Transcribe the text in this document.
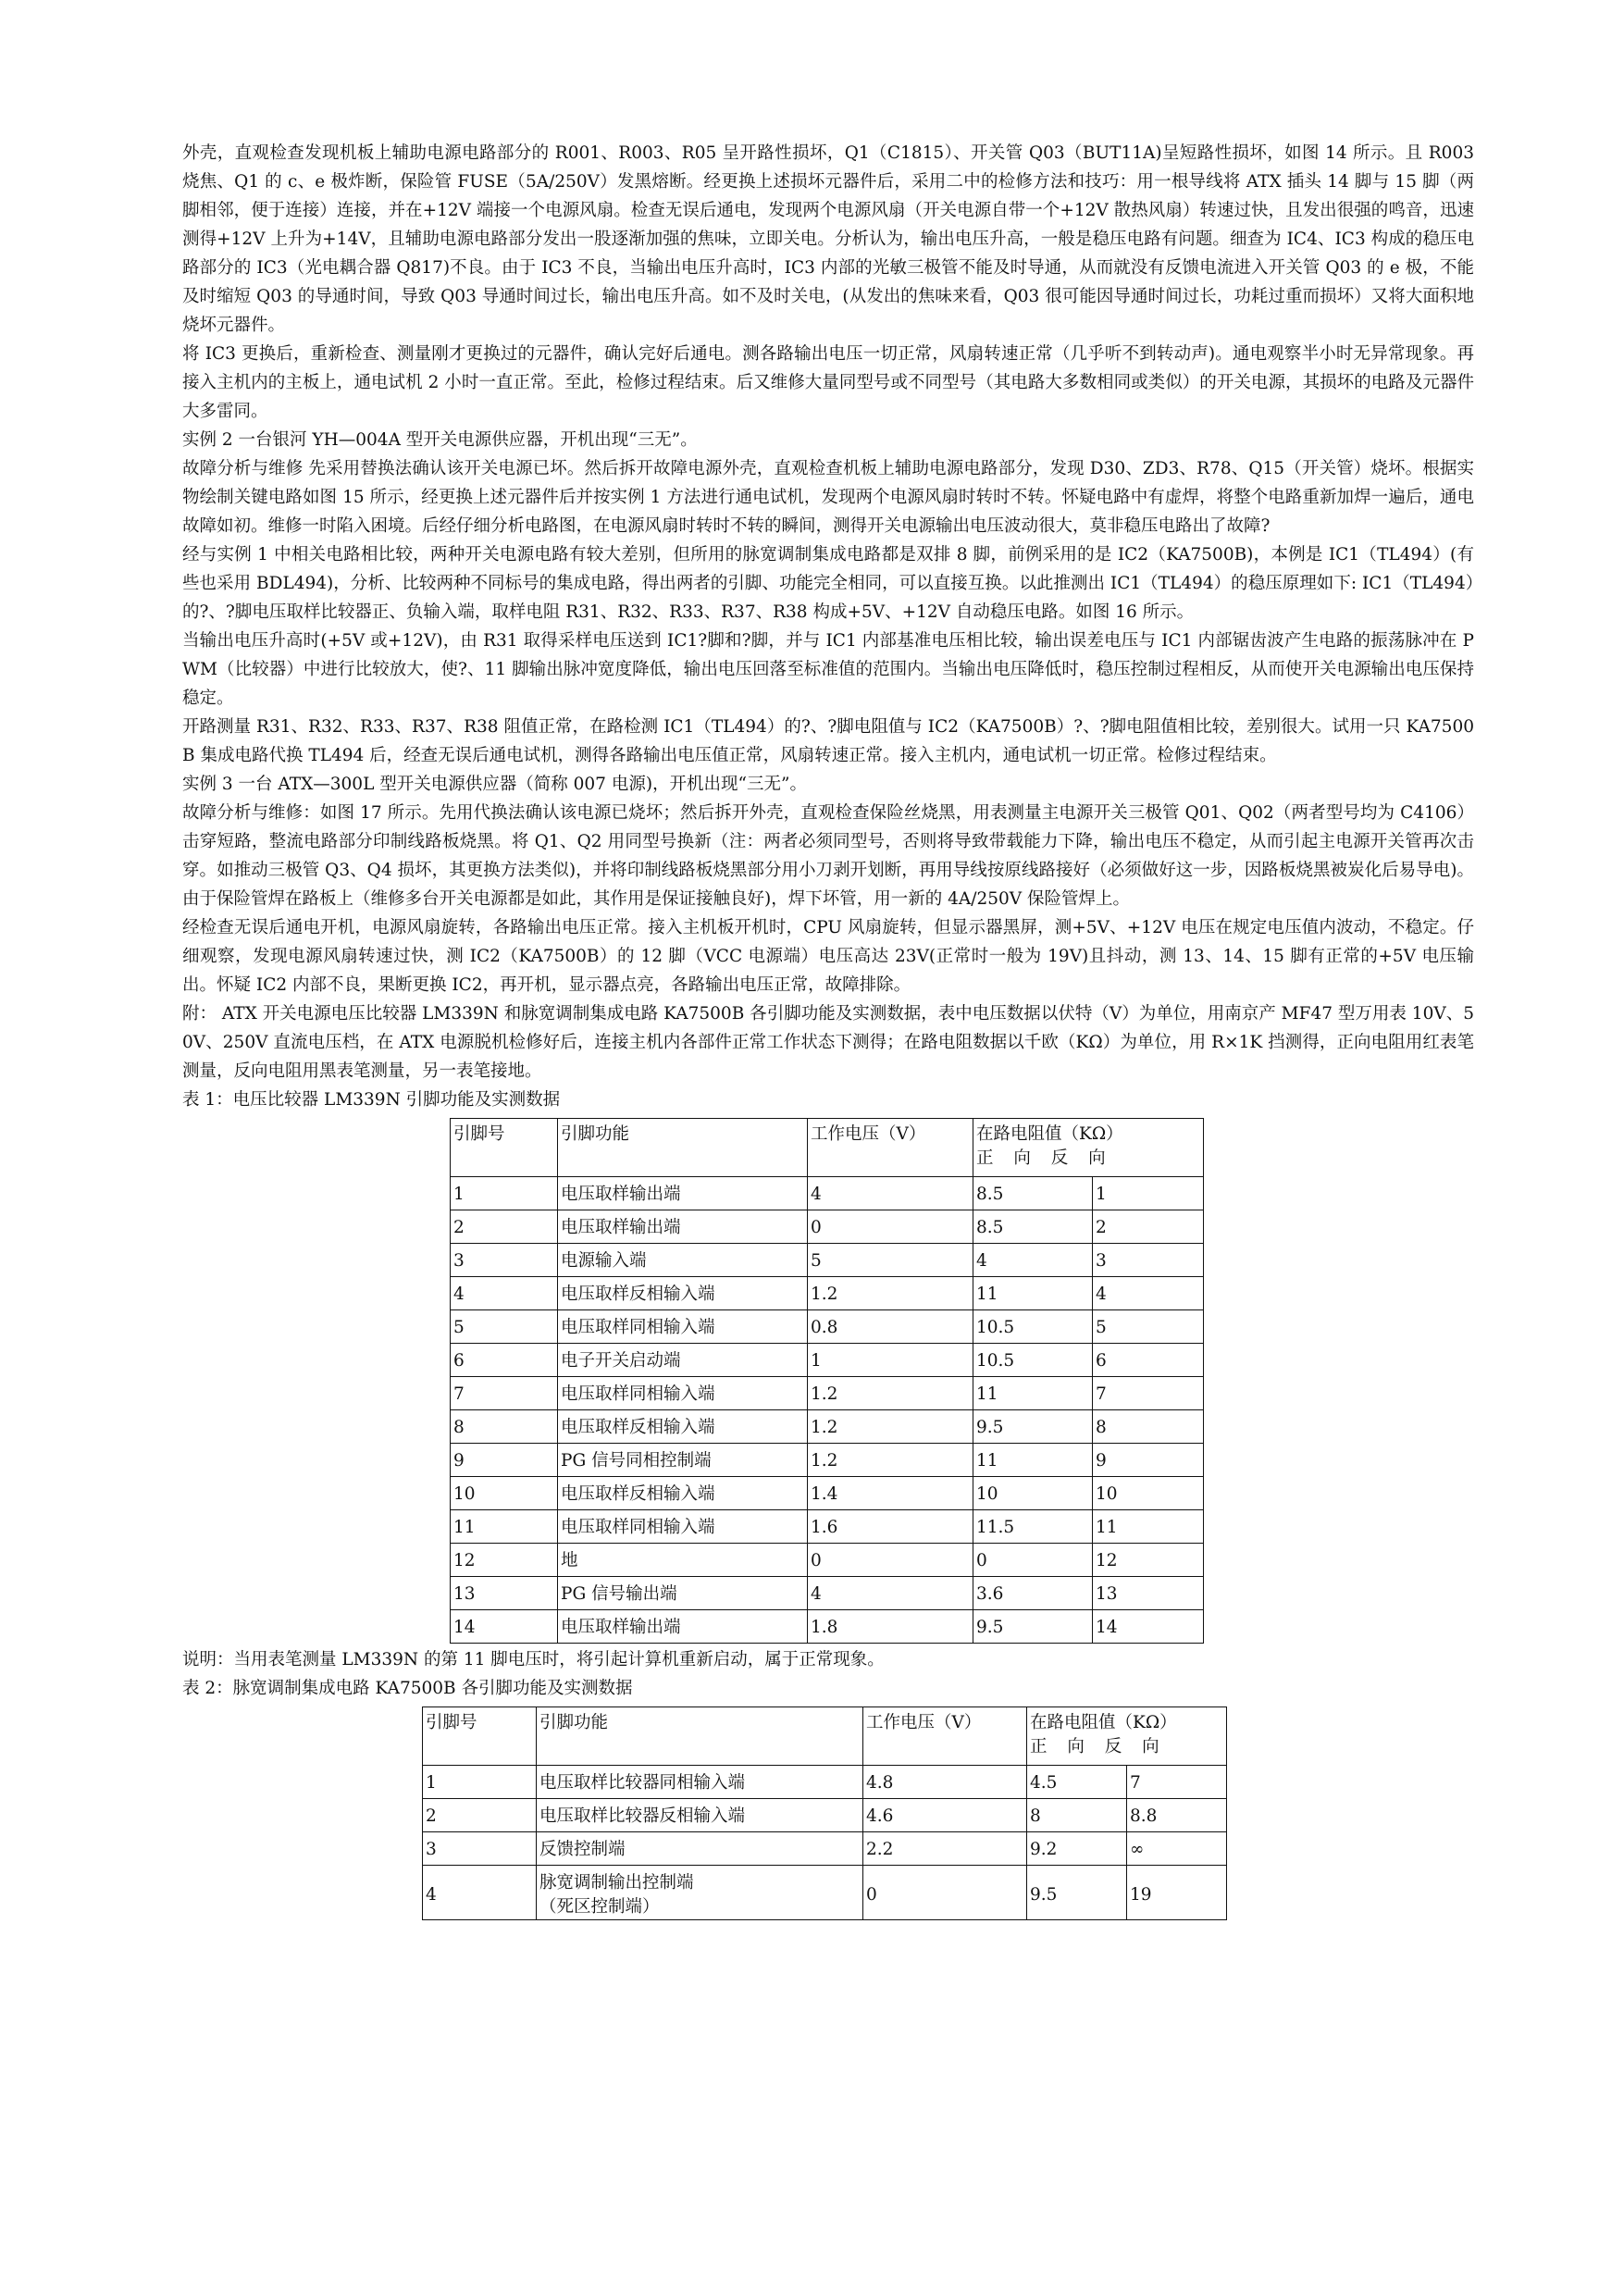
外壳，直观检查发现机板上辅助电源电路部分的 R001、R003、R05 呈开路性损坏，Q1（C1815）、开关管 Q03（BUT11A)呈短路性损坏，如图 14 所示。且 R003 烧焦、Q1 的 c、e 极炸断，保险管 FUSE（5A/250V）发黑熔断。经更换上述损坏元器件后，采用二中的检修方法和技巧：用一根导线将 ATX 插头 14 脚与 15 脚（两脚相邻，便于连接）连接，并在+12V 端接一个电源风扇。检查无误后通电，发现两个电源风扇（开关电源自带一个+12V 散热风扇）转速过快，且发出很强的鸣音，迅速测得+12V 上升为+14V，且辅助电源电路部分发出一股逐渐加强的焦味，立即关电。分析认为，输出电压升高，一般是稳压电路有问题。细查为 IC4、IC3 构成的稳压电路部分的 IC3（光电耦合器 Q817)不良。由于 IC3 不良，当输出电压升高时，IC3 内部的光敏三极管不能及时导通，从而就没有反馈电流进入开关管 Q03 的 e 极，不能及时缩短 Q03 的导通时间，导致 Q03 导通时间过长，输出电压升高。如不及时关电，(从发出的焦味来看，Q03 很可能因导通时间过长，功耗过重而损坏）又将大面积地烧坏元器件。

将 IC3 更换后，重新检查、测量刚才更换过的元器件，确认完好后通电。测各路输出电压一切正常，风扇转速正常（几乎听不到转动声)。通电观察半小时无异常现象。再接入主机内的主板上，通电试机 2 小时一直正常。至此，检修过程结束。后又维修大量同型号或不同型号（其电路大多数相同或类似）的开关电源，其损坏的电路及元器件大多雷同。

实例 2 一台银河 YH—004A 型开关电源供应器，开机出现“三无”。

故障分析与维修 先采用替换法确认该开关电源已坏。然后拆开故障电源外壳，直观检查机板上辅助电源电路部分，发现 D30、ZD3、R78、Q15（开关管）烧坏。根据实物绘制关键电路如图 15 所示，经更换上述元器件后并按实例 1 方法进行通电试机，发现两个电源风扇时转时不转。怀疑电路中有虚焊，将整个电路重新加焊一遍后，通电故障如初。维修一时陷入困境。后经仔细分析电路图，在电源风扇时转时不转的瞬间，测得开关电源输出电压波动很大，莫非稳压电路出了故障?

经与实例 1 中相关电路相比较，两种开关电源电路有较大差别，但所用的脉宽调制集成电路都是双排 8 脚，前例采用的是 IC2（KA7500B)，本例是 IC1（TL494）(有些也采用 BDL494)，分析、比较两种不同标号的集成电路，得出两者的引脚、功能完全相同，可以直接互换。以此推测出 IC1（TL494）的稳压原理如下: IC1（TL494）的?、?脚电压取样比较器正、负输入端，取样电阻 R31、R32、R33、R37、R38 构成+5V、+12V 自动稳压电路。如图 16 所示。

当输出电压升高时(+5V 或+12V)，由 R31 取得采样电压送到 IC1?脚和?脚，并与 IC1 内部基准电压相比较，输出误差电压与 IC1 内部锯齿波产生电路的振荡脉冲在 PWM（比较器）中进行比较放大，使?、11 脚输出脉冲宽度降低，输出电压回落至标准值的范围内。当输出电压降低时，稳压控制过程相反，从而使开关电源输出电压保持稳定。

开路测量 R31、R32、R33、R37、R38 阻值正常，在路检测 IC1（TL494）的?、?脚电阻值与 IC2（KA7500B）?、?脚电阻值相比较，差别很大。试用一只 KA7500B 集成电路代换 TL494 后，经查无误后通电试机，测得各路输出电压值正常，风扇转速正常。接入主机内，通电试机一切正常。检修过程结束。

实例 3 一台 ATX—300L 型开关电源供应器（简称 007 电源)，开机出现“三无”。

故障分析与维修：如图 17 所示。先用代换法确认该电源已烧坏；然后拆开外壳，直观检查保险丝烧黑，用表测量主电源开关三极管 Q01、Q02（两者型号均为 C4106）击穿短路，整流电路部分印制线路板烧黑。将 Q1、Q2 用同型号换新（注：两者必须同型号，否则将导致带载能力下降，输出电压不稳定，从而引起主电源开关管再次击穿。如推动三极管 Q3、Q4 损坏，其更换方法类似)，并将印制线路板烧黑部分用小刀剥开划断，再用导线按原线路接好（必须做好这一步，因路板烧黑被炭化后易导电)。由于保险管焊在路板上（维修多台开关电源都是如此，其作用是保证接触良好)，焊下坏管，用一新的 4A/250V 保险管焊上。

经检查无误后通电开机，电源风扇旋转，各路输出电压正常。接入主机板开机时，CPU 风扇旋转，但显示器黑屏，测+5V、+12V 电压在规定电压值内波动，不稳定。仔细观察，发现电源风扇转速过快，测 IC2（KA7500B）的 12 脚（VCC 电源端）电压高达 23V(正常时一般为 19V)且抖动，测 13、14、15 脚有正常的+5V 电压输出。怀疑 IC2 内部不良，果断更换 IC2，再开机，显示器点亮，各路输出电压正常，故障排除。

附： ATX 开关电源电压比较器 LM339N 和脉宽调制集成电路 KA7500B 各引脚功能及实测数据，表中电压数据以伏特（V）为单位，用南京产 MF47 型万用表 10V、50V、250V 直流电压档，在 ATX 电源脱机检修好后，连接主机内各部件正常工作状态下测得；在路电阻数据以千欧（KΩ）为单位，用 R×1K 挡测得，正向电阻用红表笔测量，反向电阻用黑表笔测量，另一表笔接地。

表 1：电压比较器 LM339N 引脚功能及实测数据

引脚号	引脚功能	工作电压（V）	在路电阻值（KΩ）
正 向 反 向	

1	电压取样输出端	4	8.5	1
2	电压取样输出端	0	8.5	2
3	电源输入端	5	4	3
4	电压取样反相输入端	1.2	11	4
5	电压取样同相输入端	0.8	10.5	5
6	电子开关启动端	1	10.5	6
7	电压取样同相输入端	1.2	11	7
8	电压取样反相输入端	1.2	9.5	8
9	PG 信号同相控制端	1.2	11	9
10	电压取样反相输入端	1.4	10	10
11	电压取样同相输入端	1.6	11.5	11
12	地	0	0	12
13	PG 信号输出端	4	3.6	13
14	电压取样输出端	1.8	9.5	14

说明：当用表笔测量 LM339N 的第 11 脚电压时，将引起计算机重新启动，属于正常现象。

表 2：脉宽调制集成电路 KA7500B 各引脚功能及实测数据

引脚号	引脚功能	工作电压（V）	在路电阻值（KΩ）
正 向 反 向	

1	电压取样比较器同相输入端	4.8	4.5	7
2	电压取样比较器反相输入端	4.6	8	8.8
3	反馈控制端	2.2	9.2	∞
4	脉宽调制输出控制端
（死区控制端）	0	9.5	19
